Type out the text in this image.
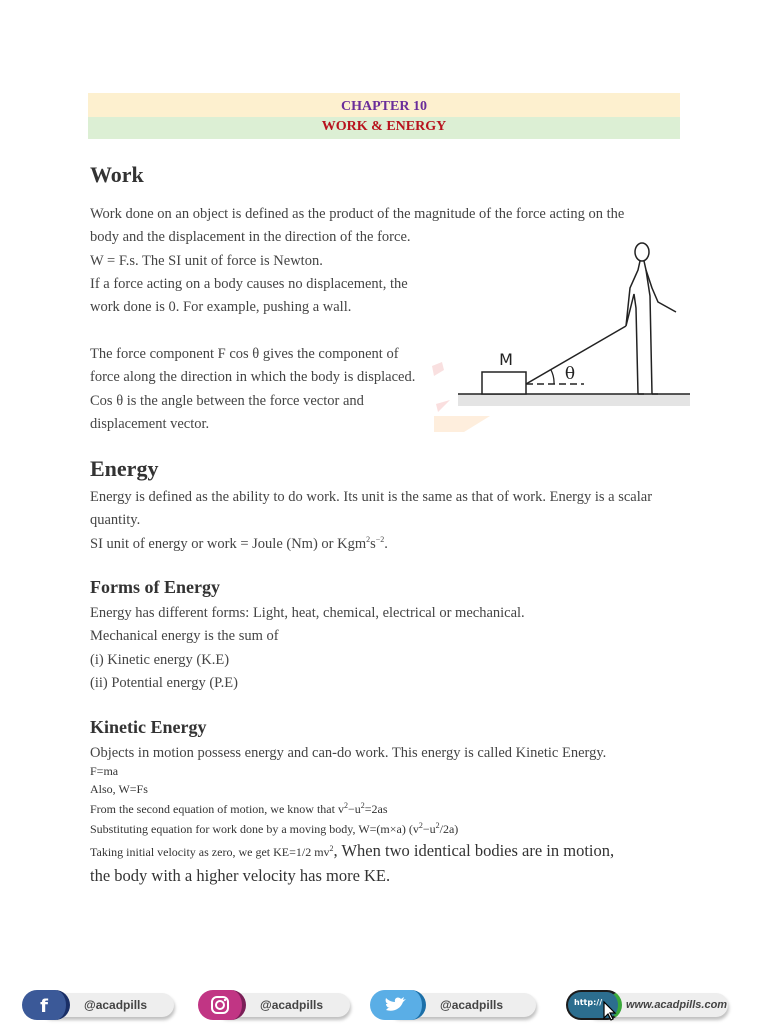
CHAPTER 10
WORK & ENERGY
Work
Work done on an object is defined as the product of the magnitude of the force acting on the
body and the displacement in the direction of the force.
W = F.s. The SI unit of force is Newton.
If a force acting on a body causes no displacement, the
work done is 0. For example, pushing a wall.
The force component F cos θ gives the component of
force along the direction in which the body is displaced.
Cos θ is the angle between the force vector and
displacement vector.
M
θ
Energy
Energy is defined as the ability to do work. Its unit is the same as that of work. Energy is a scalar
quantity.
SI unit of energy or work = Joule (Nm) or $Kgm^2s^{-2}$.
Forms of Energy
Energy has different forms: Light, heat, chemical, electrical or mechanical.
Mechanical energy is the sum of
(i) Kinetic energy (K.E)
(ii) Potential energy (P.E)
Kinetic Energy
Objects in motion possess energy and can-do work. This energy is called Kinetic Energy.
F=ma
Also, W=Fs
From the second equation of motion, we know that $v^2-u^2=2as$
Substituting equation for work done by a moving body, W=(m×a) $(v^2-u^2/2a)$
Taking initial velocity as zero, we get KE=1/2 $mv^2$, When two identical bodies are in motion,
the body with a higher velocity has more KE.
@acadpills
f	@acadpills	@acadpills	www.acadpills.com
http://
